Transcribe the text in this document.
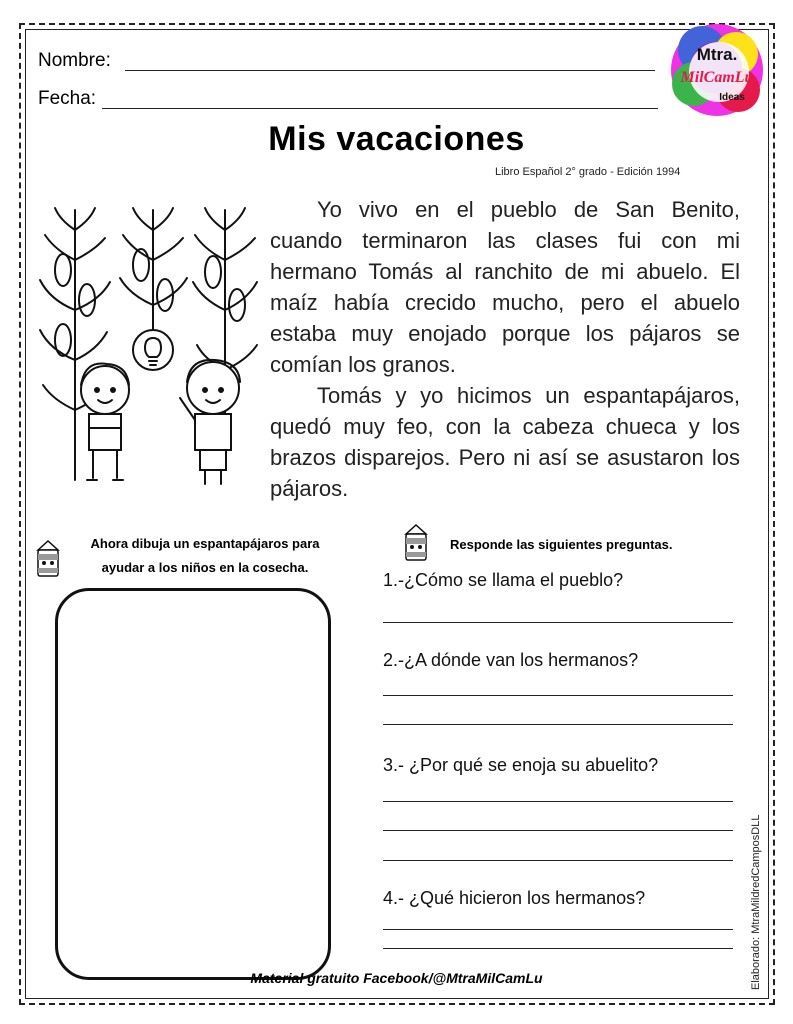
Nombre:
Fecha:
Mtra.
MilCamLu
Ideas
Mis vacaciones
Libro Español 2° grado - Edición 1994

Yo vivo en el pueblo de San Benito, cuando terminaron las clases fui con mi hermano Tomás al ranchito de mi abuelo. El maíz había crecido mucho, pero el abuelo estaba muy enojado porque los pájaros se comían los granos.

Tomás y yo hicimos un espantapájaros, quedó muy feo, con la cabeza chueca y los brazos disparejos. Pero ni así se asustaron los pájaros.

Ahora dibuja un espantapájaros para
ayudar a los niños en la cosecha.
Responde las siguientes preguntas.
1.-¿Cómo se llama el pueblo?
2.-¿A dónde van los hermanos?
3.- ¿Por qué se enoja su abuelito?
4.- ¿Qué hicieron los hermanos?
Material gratuito Facebook/@MtraMilCamLu	Elaborado: MtraMildredCamposDLL
